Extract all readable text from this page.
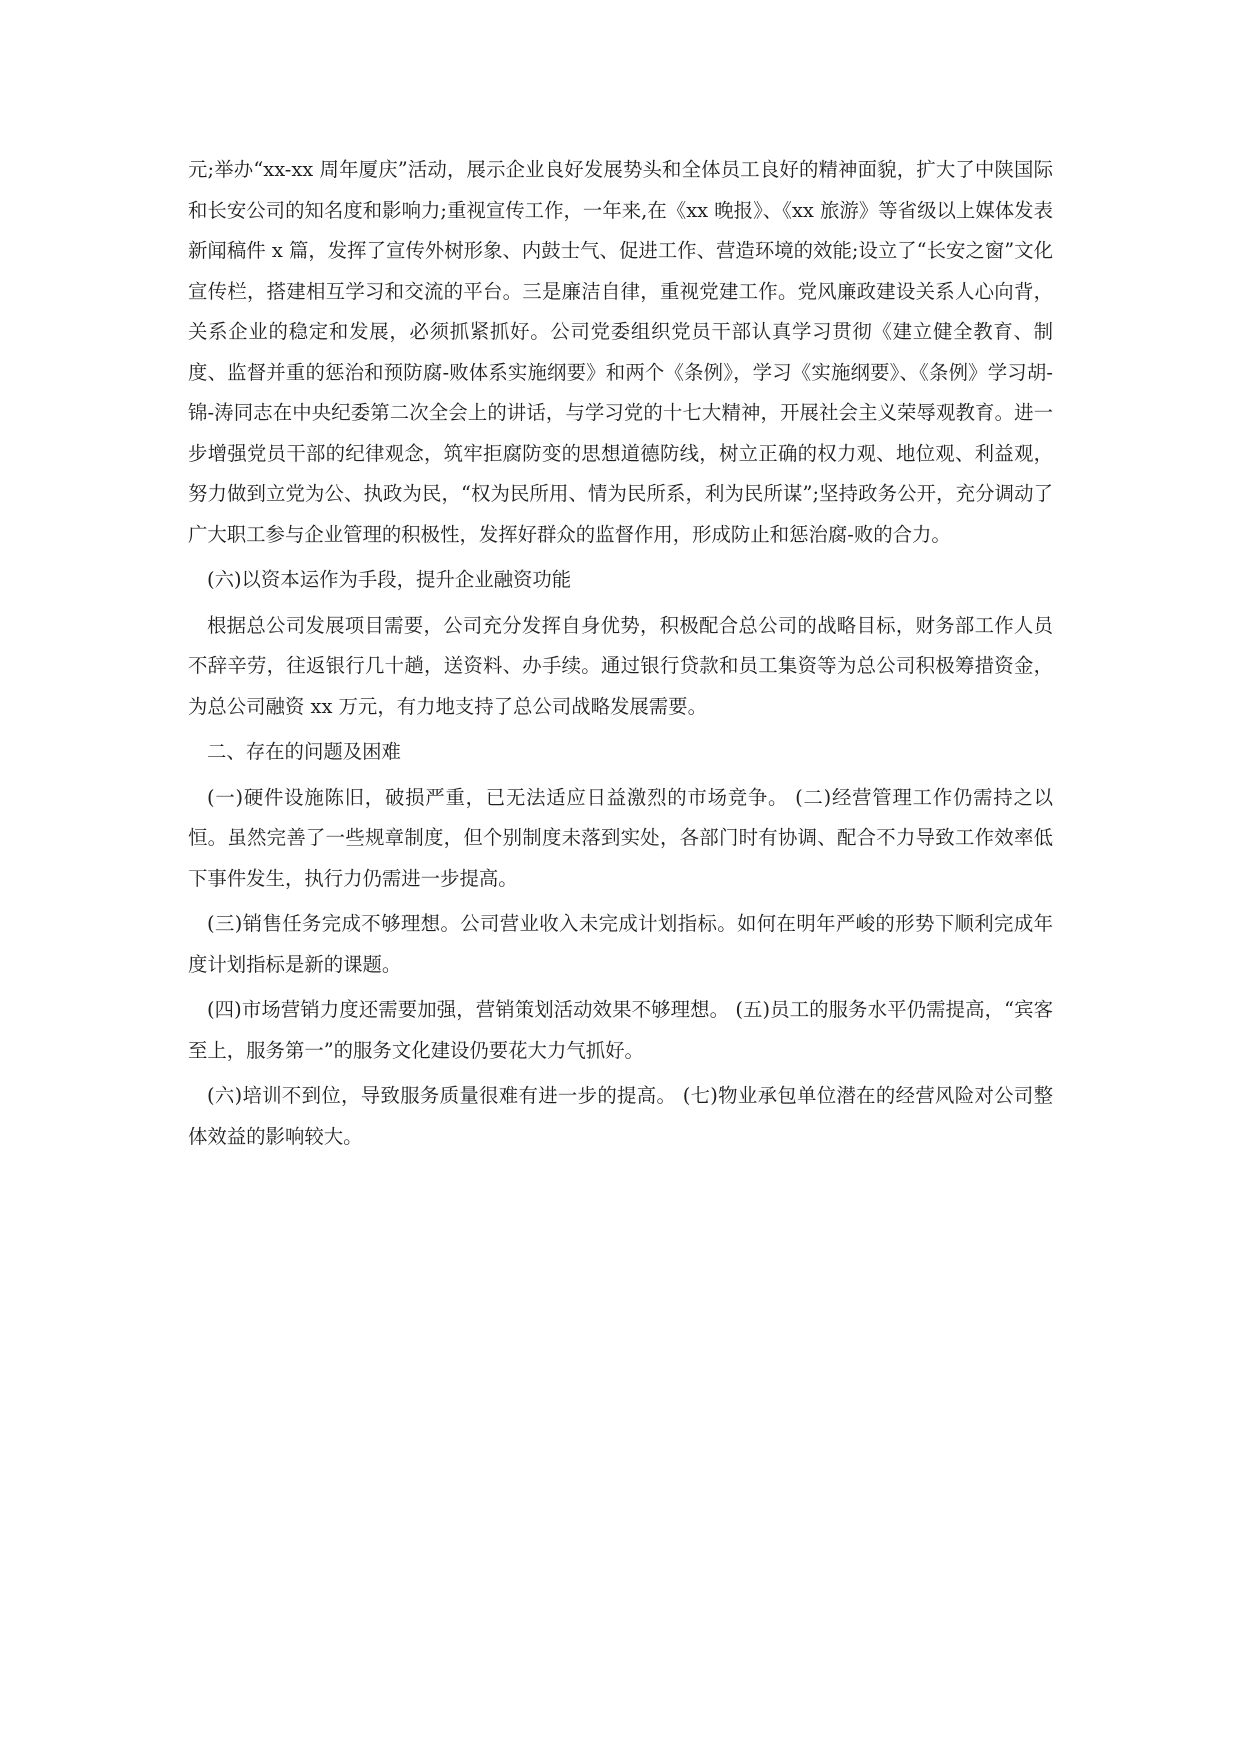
元;举办“xx-xx 周年厦庆”活动，展示企业良好发展势头和全体员工良好的精神面貌，扩大了中陕国际和长安公司的知名度和影响力;重视宣传工作，一年来,在《xx 晚报》、《xx 旅游》等省级以上媒体发表新闻稿件 x 篇，发挥了宣传外树形象、内鼓士气、促进工作、营造环境的效能;设立了“长安之窗”文化宣传栏，搭建相互学习和交流的平台。三是廉洁自律，重视党建工作。党风廉政建设关系人心向背，关系企业的稳定和发展，必须抓紧抓好。公司党委组织党员干部认真学习贯彻《建立健全教育、制度、监督并重的惩治和预防腐-败体系实施纲要》和两个《条例》，学习《实施纲要》、《条例》学习胡-锦-涛同志在中央纪委第二次全会上的讲话，与学习党的十七大精神，开展社会主义荣辱观教育。进一步增强党员干部的纪律观念，筑牢拒腐防变的思想道德防线，树立正确的权力观、地位观、利益观，努力做到立党为公、执政为民，“权为民所用、情为民所系，利为民所谋”;坚持政务公开，充分调动了广大职工参与企业管理的积极性，发挥好群众的监督作用，形成防止和惩治腐-败的合力。

(六)以资本运作为手段，提升企业融资功能

根据总公司发展项目需要，公司充分发挥自身优势，积极配合总公司的战略目标，财务部工作人员不辞辛劳，往返银行几十趟，送资料、办手续。通过银行贷款和员工集资等为总公司积极筹措资金，为总公司融资 xx 万元，有力地支持了总公司战略发展需要。

二、存在的问题及困难

(一)硬件设施陈旧，破损严重，已无法适应日益激烈的市场竞争。 (二)经营管理工作仍需持之以恒。虽然完善了一些规章制度，但个别制度未落到实处，各部门时有协调、配合不力导致工作效率低下事件发生，执行力仍需进一步提高。

(三)销售任务完成不够理想。公司营业收入未完成计划指标。如何在明年严峻的形势下顺利完成年度计划指标是新的课题。

(四)市场营销力度还需要加强，营销策划活动效果不够理想。 (五)员工的服务水平仍需提高，“宾客至上，服务第一”的服务文化建设仍要花大力气抓好。

(六)培训不到位，导致服务质量很难有进一步的提高。 (七)物业承包单位潜在的经营风险对公司整体效益的影响较大。
